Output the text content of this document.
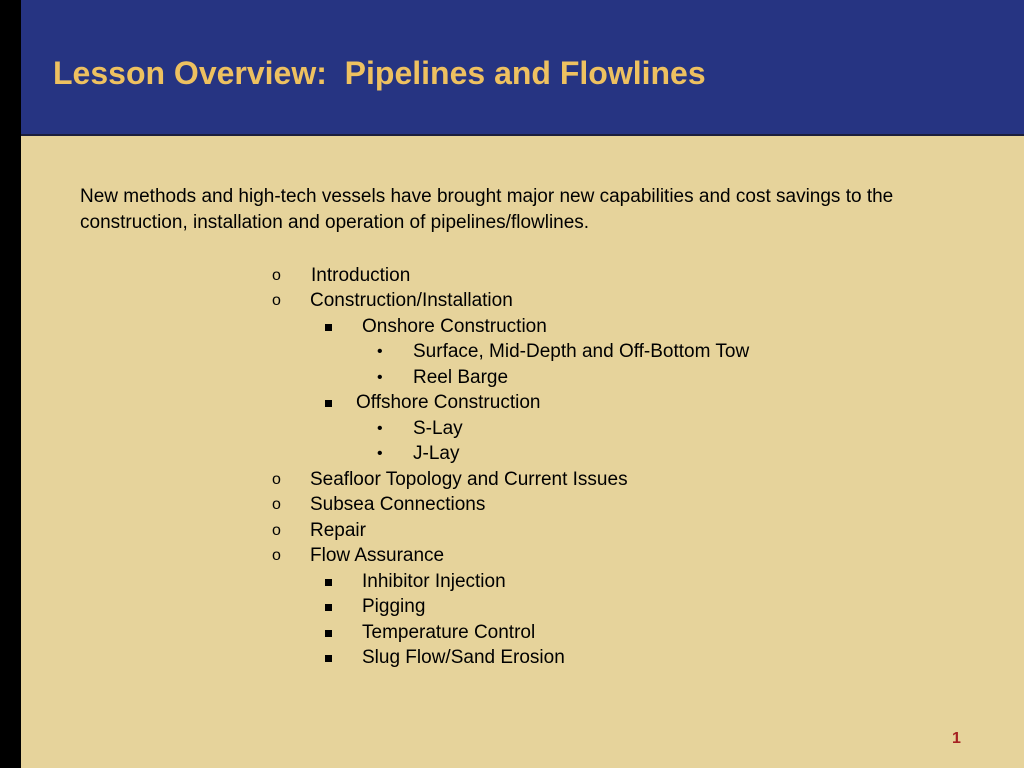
Lesson Overview:  Pipelines and Flowlines
New methods and high-tech vessels have brought major new capabilities and cost savings to the construction, installation and operation of pipelines/flowlines.
o Introduction
o Construction/Installation
Onshore Construction
• Surface, Mid-Depth and Off-Bottom Tow
• Reel Barge
Offshore Construction
• S-Lay
• J-Lay
o Seafloor Topology and Current Issues
o Subsea Connections
o Repair
o Flow Assurance
Inhibitor Injection
Pigging
Temperature Control
Slug Flow/Sand Erosion
1
